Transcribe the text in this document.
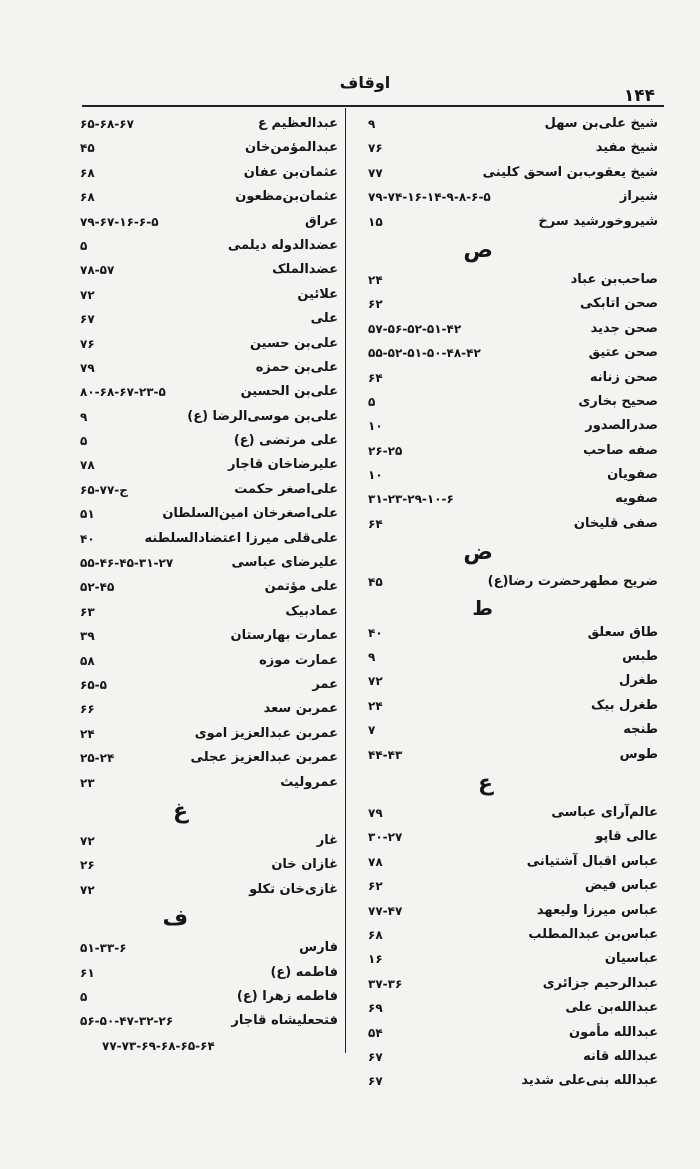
اوقاف
۱۴۴
شیخ علی‌بن سهل
۹
شیخ مفید
۷۶
شیخ یعقوب‌بن اسحق کلینی
۷۷
شیراز
۷۹-۷۴-۱۶-۱۴-۹-۸-۶-۵
شیروخورشید سرخ
۱۵
ص
صاحب‌بن عباد
۲۴
صحن اتابکی
۶۲
صحن جدید
۵۷-۵۶-۵۲-۵۱-۴۲
صحن عتیق
۵۵-۵۲-۵۱-۵۰-۴۸-۴۲
صحن زنانه
۶۴
صحیح بخاری
۵
صدرالصدور
۱۰
صفه صاحب
۲۶-۲۵
صفویان
۱۰
صفویه
۳۱-۲۳-۲۹-۱۰-۶
صفی قلیخان
۶۴
ض
ضریح مطهرحضرت رضا(ع)
۴۵
ط
طاق سعلق
۴۰
طبس
۹
طغرل
۷۲
طغرل بیک
۲۴
طنجه
۷
طوس
۴۴-۴۳
ع
عالم‌آرای عباسی
۷۹
عالی قاپو
۳۰-۲۷
عباس اقبال آشتیانی
۷۸
عباس فیض
۶۲
عباس میرزا ولیعهد
۷۷-۴۷
عباس‌بن عبدالمطلب
۶۸
عباسیان
۱۶
عبدالرحیم جزائری
۳۷-۳۶
عبدالله‌بن علی
۶۹
عبدالله مأمون
۵۴
عبدالله قانه
۶۷
عبدالله بنی‌علی شدید
۶۷
عبدالعظیم ع
۶۵-۶۸-۶۷
عبدالمؤمن‌خان
۴۵
عثمان‌بن عفان
۶۸
عثمان‌بن‌مظعون
۶۸
عراق
۷۹-۶۷-۱۶-۶-۵
عضدالدوله دیلمی
۵
عضدالملک
۷۸-۵۷
علائین
۷۲
علی
۶۷
علی‌بن حسین
۷۶
علی‌بن حمزه
۷۹
علی‌بن الحسین
۸۰-۶۸-۶۷-۲۳-۵
علی‌بن موسی‌الرضا (ع)
۹
علی مرتضی (ع)
۵
علیرضاخان قاجار
۷۸
علی‌اصغر حکمت
ج-۷۷-۶۵
علی‌اصغرخان امین‌السلطان
۵۱
علی‌قلی میرزا اعتضادالسلطنه
۴۰
علیرضای عباسی
۵۵-۴۶-۴۵-۳۱-۲۷
علی مؤتمن
۵۲-۴۵
عمادبیک
۶۳
عمارت بهارستان
۳۹
عمارت موزه
۵۸
عمر
۶۵-۵
عمربن سعد
۶۶
عمربن عبدالعزیز اموی
۲۴
عمربن عبدالعزیز عجلی
۲۵-۲۴
عمرولیث
۲۳
غ
غار
۷۲
غازان خان
۲۶
غازی‌خان تکلو
۷۲
ف
فارس
۵۱-۳۳-۶
فاطمه (ع)
۶۱
فاطمه زهرا (ع)
۵
فتحعلیشاه قاجار
۵۶-۵۰-۴۷-۳۲-۲۶
۷۷-۷۳-۶۹-۶۸-۶۵-۶۴
